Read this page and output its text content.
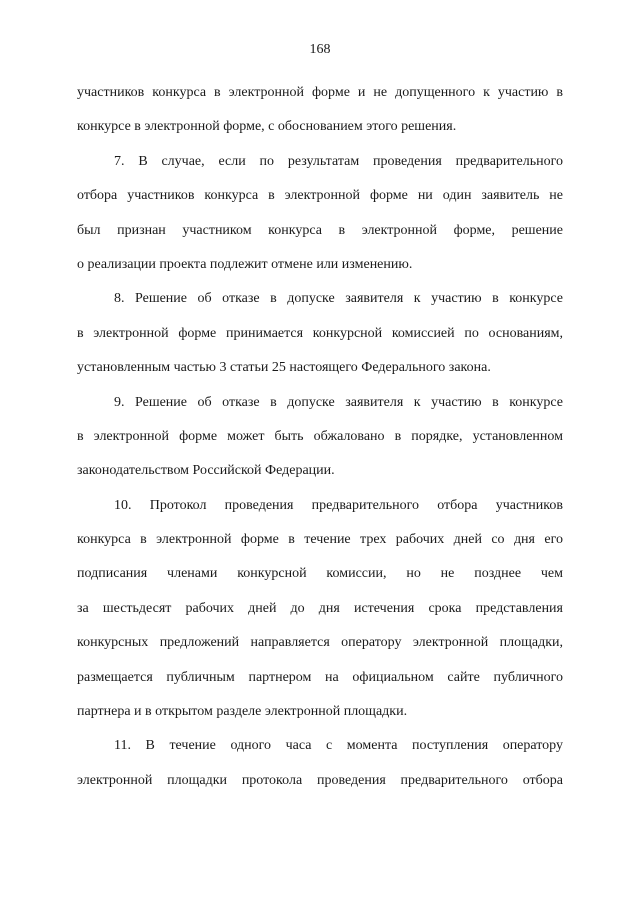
168

участников конкурса в электронной форме и не допущенного к участию в
конкурсе в электронной форме, с обоснованием этого решения.

7. В случае, если по результатам проведения предварительного
отбора участников конкурса в электронной форме ни один заявитель не
был признан участником конкурса в электронной форме, решение
о реализации проекта подлежит отмене или изменению.

8. Решение об отказе в допуске заявителя к участию в конкурсе
в электронной форме принимается конкурсной комиссией по основаниям,
установленным частью 3 статьи 25 настоящего Федерального закона.

9. Решение об отказе в допуске заявителя к участию в конкурсе
в электронной форме может быть обжаловано в порядке, установленном
законодательством Российской Федерации.

10. Протокол проведения предварительного отбора участников
конкурса в электронной форме в течение трех рабочих дней со дня его
подписания членами конкурсной комиссии, но не позднее чем
за шестьдесят рабочих дней до дня истечения срока представления
конкурсных предложений направляется оператору электронной площадки,
размещается публичным партнером на официальном сайте публичного
партнера и в открытом разделе электронной площадки.

11. В течение одного часа с момента поступления оператору
электронной площадки протокола проведения предварительного отбора
